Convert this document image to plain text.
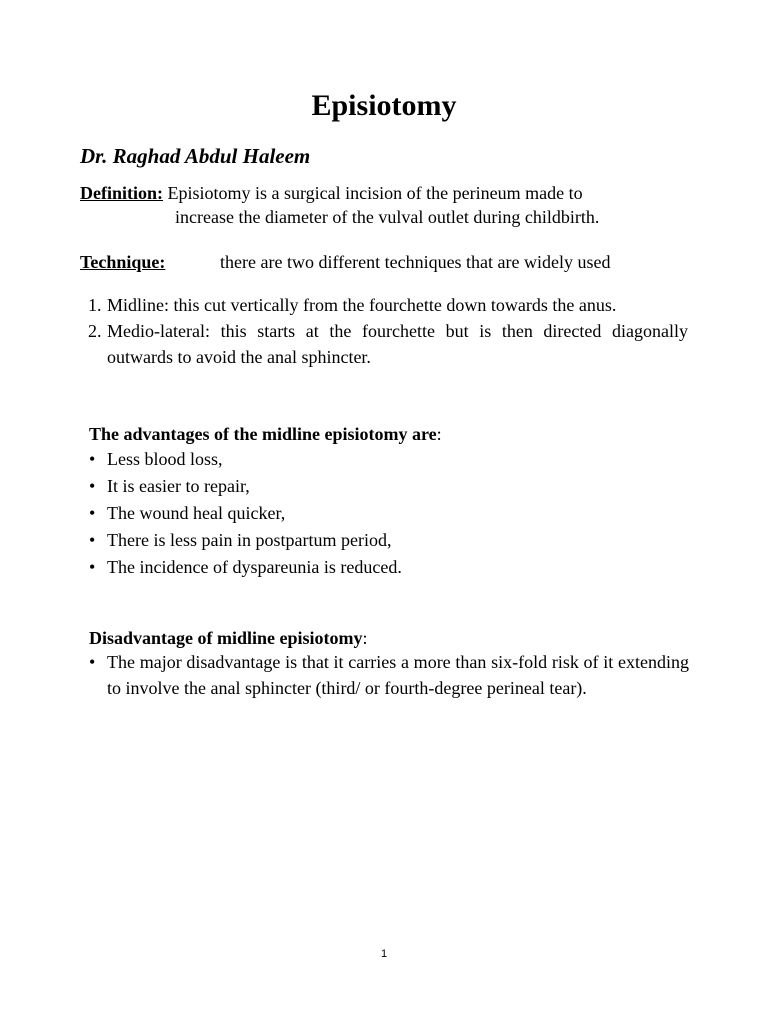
Episiotomy

Dr. Raghad Abdul Haleem

Definition: Episiotomy is a surgical incision of the perineum made to
increase the diameter of the vulval outlet during childbirth.
Technique:	there are two different techniques that are widely used
1. Midline: this cut vertically from the fourchette down towards the anus.
2. Medio-lateral: this starts at the fourchette but is then directed diagonally outwards to avoid the anal sphincter.
The advantages of the midline episiotomy are:
• Less blood loss,
• It is easier to repair,
• The wound heal quicker,
• There is less pain in postpartum period,
• The incidence of dyspareunia is reduced.
Disadvantage of midline episiotomy:
• The major disadvantage is that it carries a more than six-fold risk of it extending to involve the anal sphincter (third/ or fourth-degree perineal tear).
1
